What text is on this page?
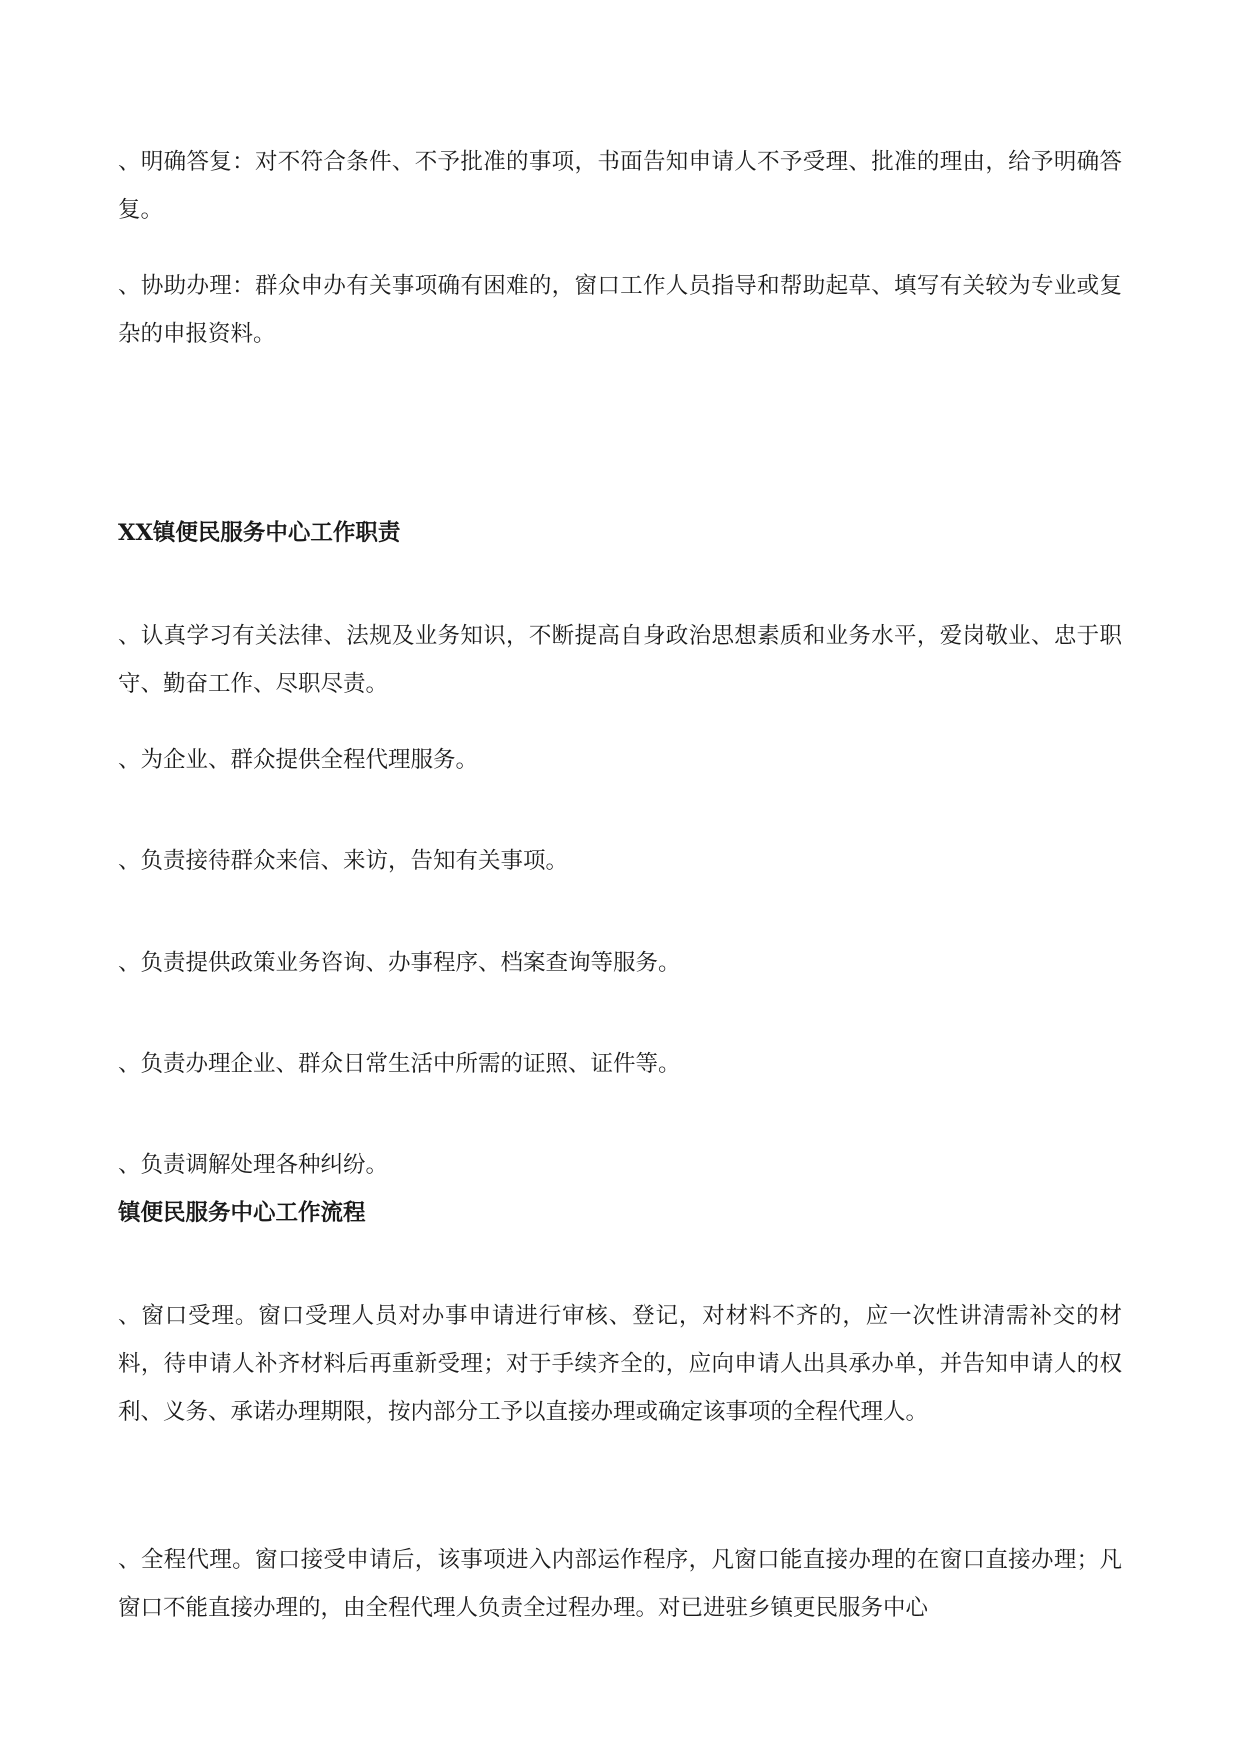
、明确答复：对不符合条件、不予批准的事项，书面告知申请人不予受理、批准的理由，给予明确答复。

、协助办理：群众申办有关事项确有困难的，窗口工作人员指导和帮助起草、填写有关较为专业或复杂的申报资料。

XX镇便民服务中心工作职责

、认真学习有关法律、法规及业务知识，不断提高自身政治思想素质和业务水平，爱岗敬业、忠于职守、勤奋工作、尽职尽责。

、为企业、群众提供全程代理服务。

、负责接待群众来信、来访，告知有关事项。

、负责提供政策业务咨询、办事程序、档案查询等服务。

、负责办理企业、群众日常生活中所需的证照、证件等。

、负责调解处理各种纠纷。

镇便民服务中心工作流程

、窗口受理。窗口受理人员对办事申请进行审核、登记，对材料不齐的，应一次性讲清需补交的材料，待申请人补齐材料后再重新受理；对于手续齐全的，应向申请人出具承办单，并告知申请人的权利、义务、承诺办理期限，按内部分工予以直接办理或确定该事项的全程代理人。

、全程代理。窗口接受申请后，该事项进入内部运作程序，凡窗口能直接办理的在窗口直接办理；凡窗口不能直接办理的，由全程代理人负责全过程办理。对已进驻乡镇更民服务中心
